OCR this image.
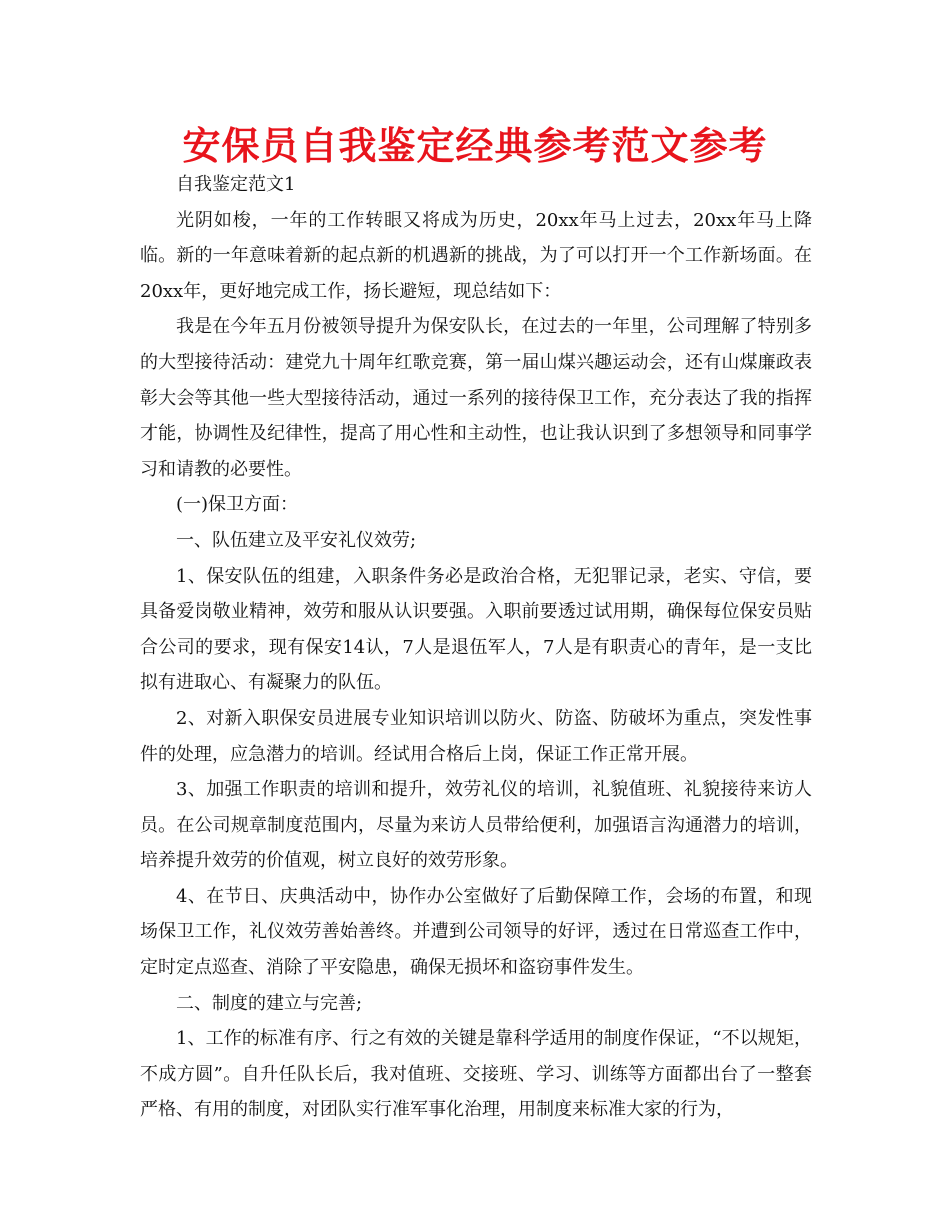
安保员自我鉴定经典参考范文参考

自我鉴定范文1

光阴如梭，一年的工作转眼又将成为历史，20xx年马上过去，20xx年马上降临。新的一年意味着新的起点新的机遇新的挑战，为了可以打开一个工作新场面。在20xx年，更好地完成工作，扬长避短，现总结如下：

我是在今年五月份被领导提升为保安队长，在过去的一年里，公司理解了特别多的大型接待活动：建党九十周年红歌竞赛，第一届山煤兴趣运动会，还有山煤廉政表彰大会等其他一些大型接待活动，通过一系列的接待保卫工作，充分表达了我的指挥才能，协调性及纪律性，提高了用心性和主动性，也让我认识到了多想领导和同事学习和请教的必要性。

(一)保卫方面：

一、队伍建立及平安礼仪效劳;

1、保安队伍的组建，入职条件务必是政治合格，无犯罪记录，老实、守信，要具备爱岗敬业精神，效劳和服从认识要强。入职前要透过试用期，确保每位保安员贴合公司的要求，现有保安14认，7人是退伍军人，7人是有职责心的青年，是一支比拟有进取心、有凝聚力的队伍。

2、对新入职保安员进展专业知识培训以防火、防盗、防破坏为重点，突发性事件的处理，应急潜力的培训。经试用合格后上岗，保证工作正常开展。

3、加强工作职责的培训和提升，效劳礼仪的培训，礼貌值班、礼貌接待来访人员。在公司规章制度范围内，尽量为来访人员带给便利，加强语言沟通潜力的培训，培养提升效劳的价值观，树立良好的效劳形象。

4、在节日、庆典活动中，协作办公室做好了后勤保障工作，会场的布置，和现场保卫工作，礼仪效劳善始善终。并遭到公司领导的好评，透过在日常巡查工作中，定时定点巡查、消除了平安隐患，确保无损坏和盗窃事件发生。

二、制度的建立与完善;

1、工作的标准有序、行之有效的关键是靠科学适用的制度作保证，“不以规矩，不成方圆”。自升任队长后，我对值班、交接班、学习、训练等方面都出台了一整套严格、有用的制度，对团队实行准军事化治理，用制度来标准大家的行为，
